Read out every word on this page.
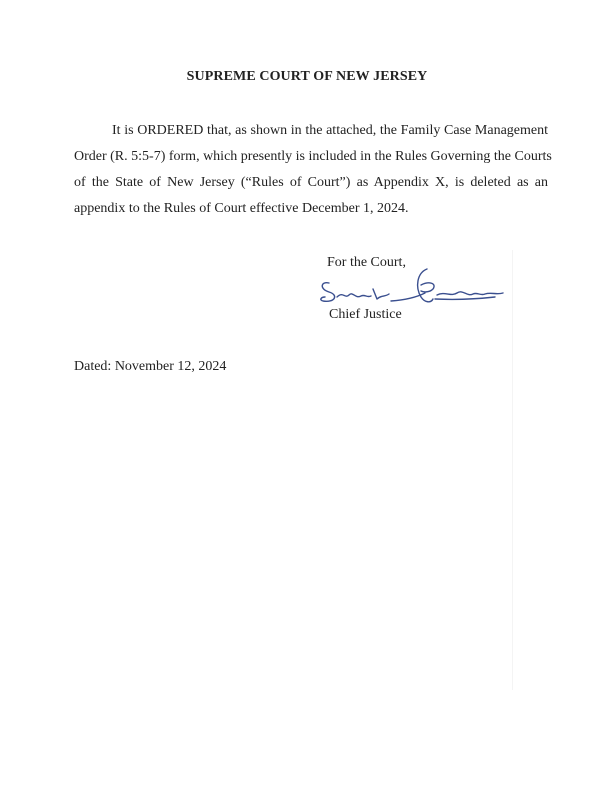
SUPREME COURT OF NEW JERSEY
It is ORDERED that, as shown in the attached, the Family Case Management
Order (R. 5:5-7) form, which presently is included in the Rules Governing the Courts
of the State of New Jersey (“Rules of Court”) as Appendix X, is deleted as an
appendix to the Rules of Court effective December 1, 2024.
For the Court,
Chief Justice
Dated: November 12, 2024
